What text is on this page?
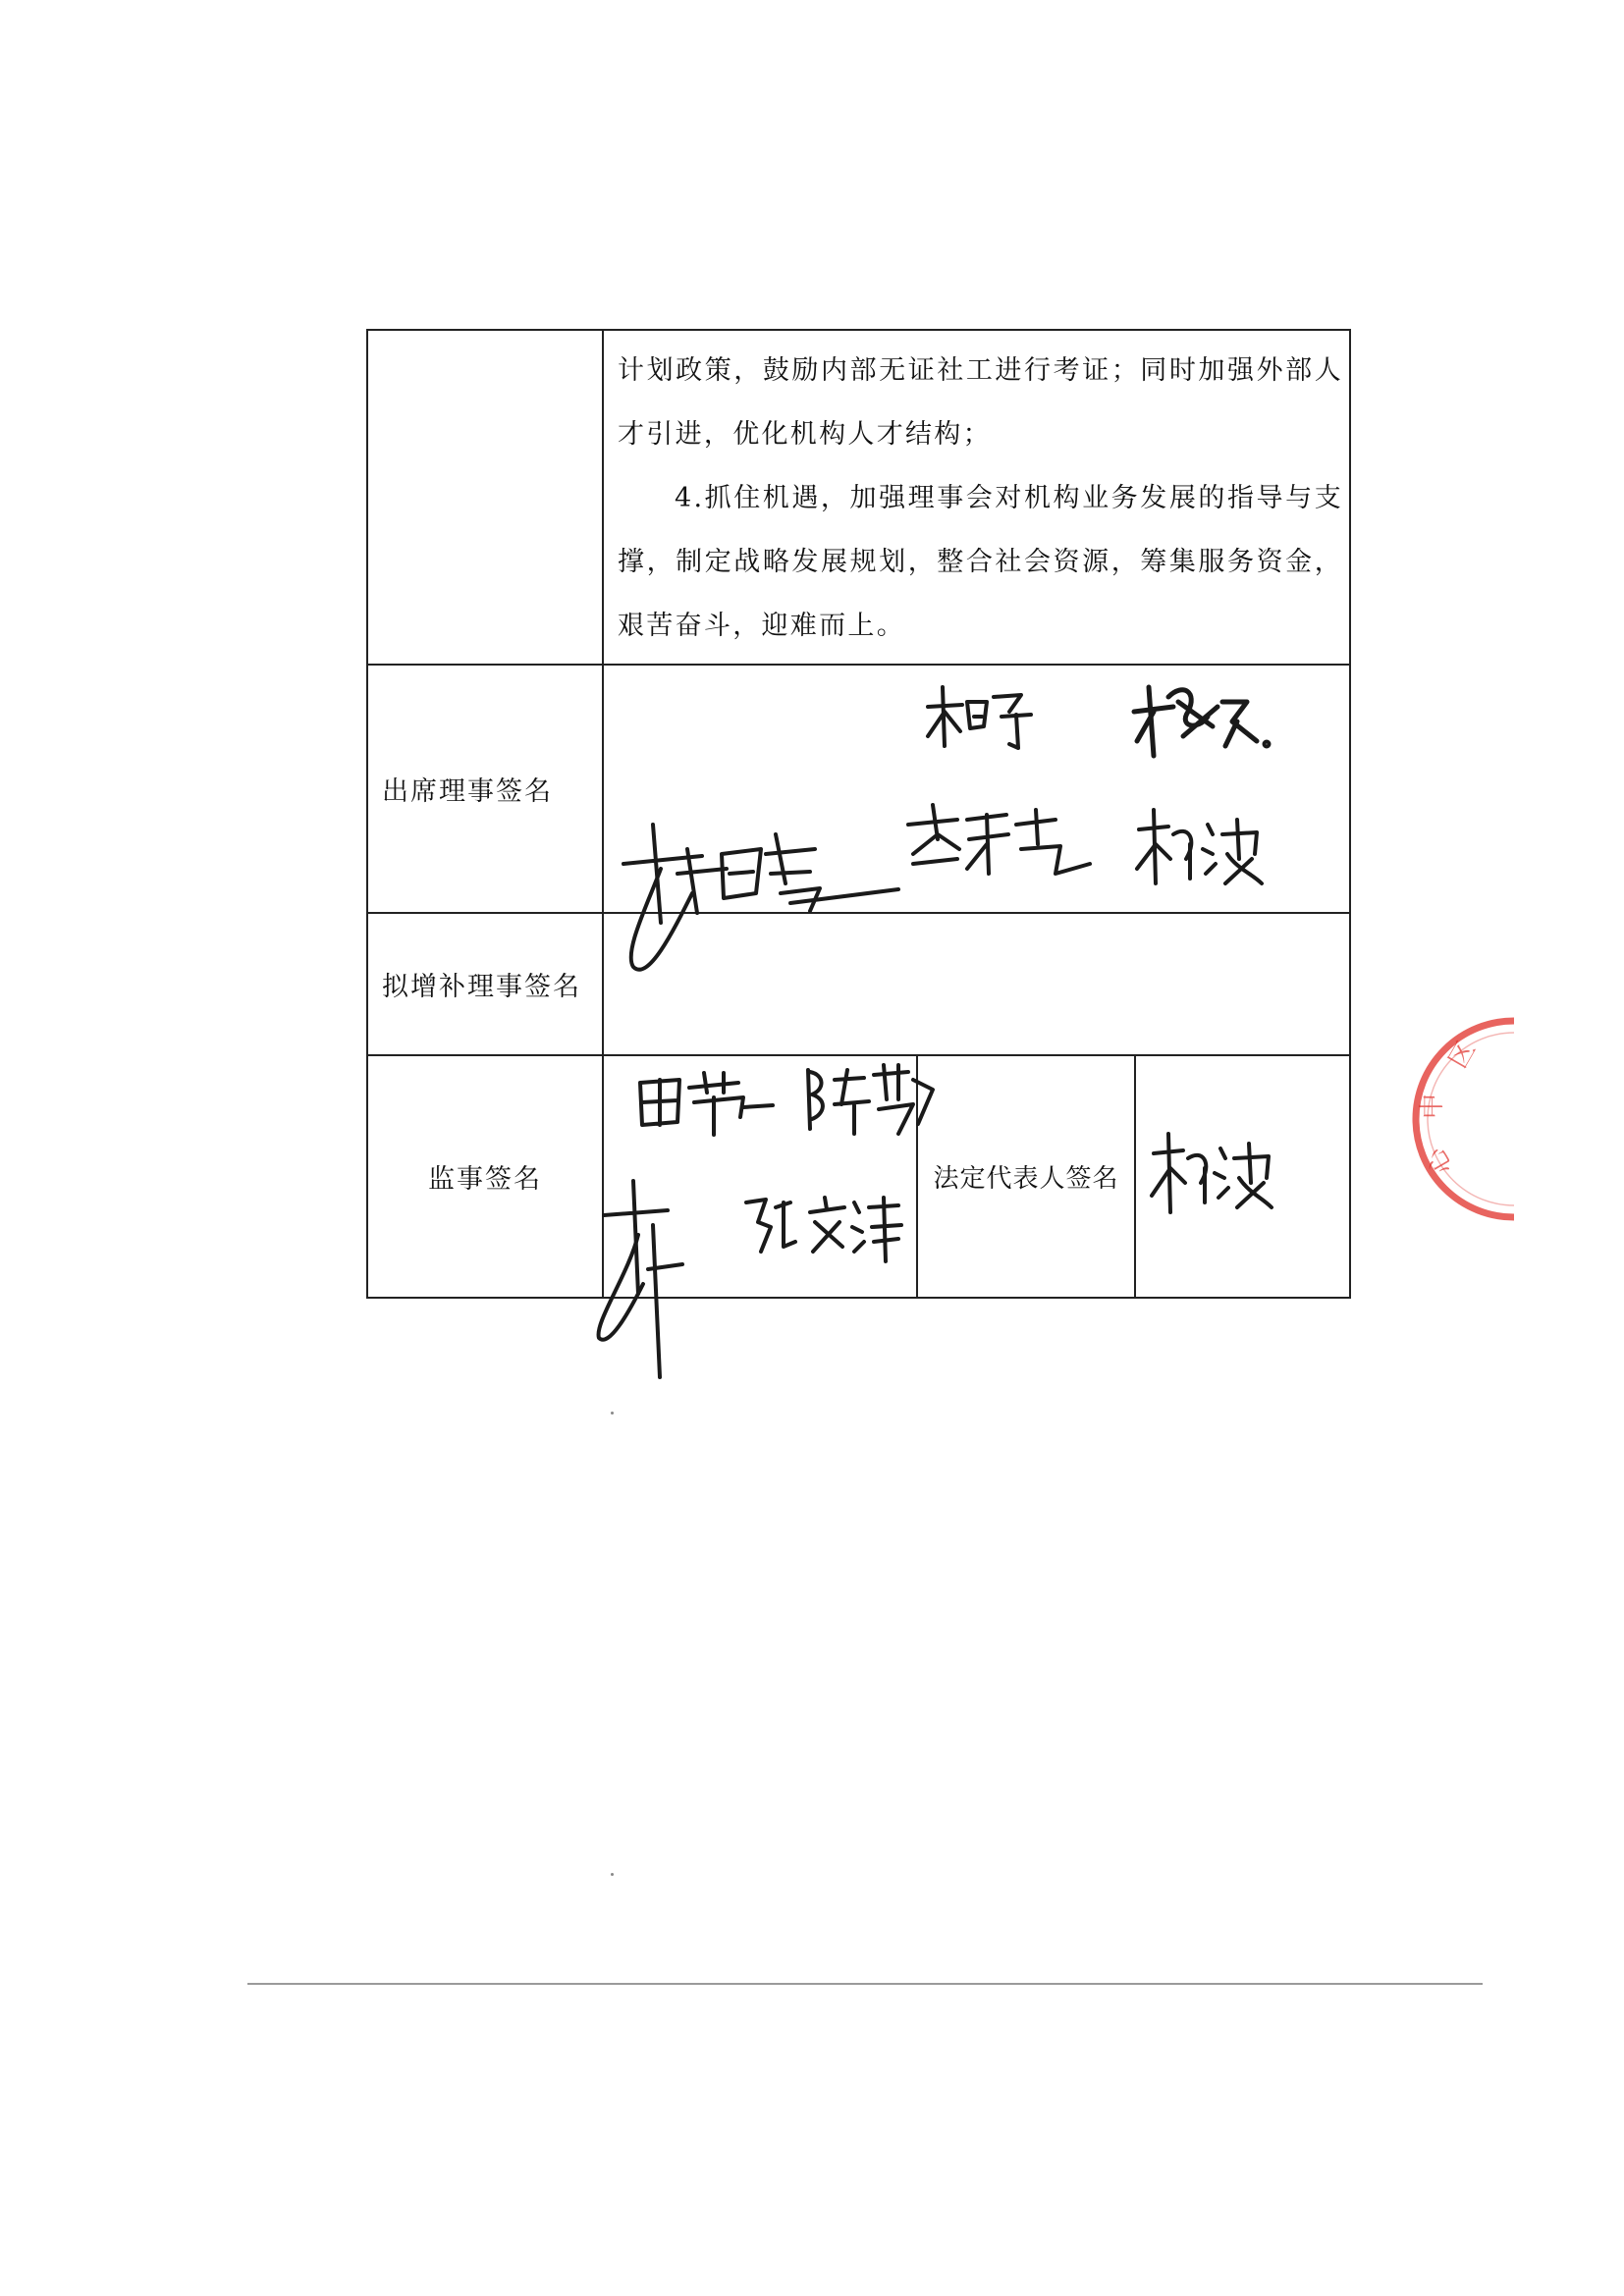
	计划政策，鼓励内部无证社工进行考证；同时加强外部人才引进，优化机构人才结构；

4.抓住机遇，加强理事会对机构业务发展的指导与支撑，制定战略发展规划，整合社会资源，筹集服务资金，艰苦奋斗，迎难而上。		

出席理事签名			
拟增补理事签名			
监事签名		法定代表人签名	
区
中
心
